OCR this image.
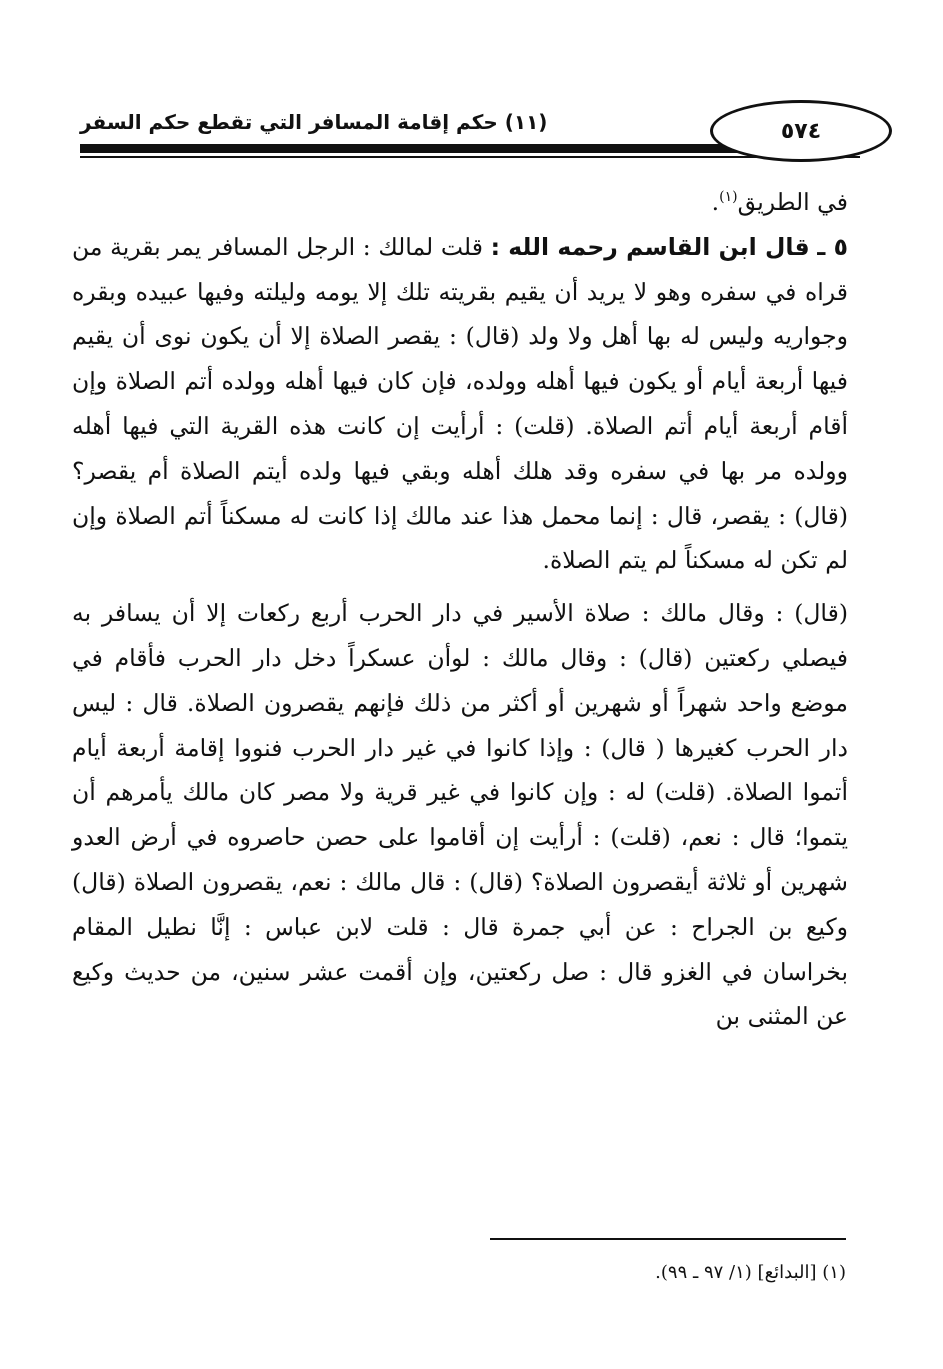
٥٧٤
(١١) حكم إقامة المسافر التي تقطع حكم السفر

في الطريق$^{(١)}$.

٥ ـ قال ابن القاسم رحمه الله : قلت لمالك : الرجل المسافر يمر بقرية من قراه في سفره وهو لا يريد أن يقيم بقريته تلك إلا يومه وليلته وفيها عبيده وبقره وجواريه وليس له بها أهل ولا ولد (قال) : يقصر الصلاة إلا أن يكون نوى أن يقيم فيها أربعة أيام أو يكون فيها أهله وولده، فإن كان فيها أهله وولده أتم الصلاة وإن أقام أربعة أيام أتم الصلاة. (قلت) : أرأيت إن كانت هذه القرية التي فيها أهله وولده مر بها في سفره وقد هلك أهله وبقي فيها ولده أيتم الصلاة أم يقصر؟ (قال) : يقصر، قال : إنما محمل هذا عند مالك إذا كانت له مسكناً أتم الصلاة وإن لم تكن له مسكناً لم يتم الصلاة.

(قال) : وقال مالك : صلاة الأسير في دار الحرب أربع ركعات إلا أن يسافر به فيصلي ركعتين (قال) : وقال مالك : لوأن عسكراً دخل دار الحرب فأقام في موضع واحد شهراً أو شهرين أو أكثر من ذلك فإنهم يقصرون الصلاة. قال : ليس دار الحرب كغيرها ( قال) : وإذا كانوا في غير دار الحرب فنووا إقامة أربعة أيام أتموا الصلاة. (قلت) له : وإن كانوا في غير قرية ولا مصر كان مالك يأمرهم أن يتموا؛ قال : نعم، (قلت) : أرأيت إن أقاموا على حصن حاصروه في أرض العدو شهرين أو ثلاثة أيقصرون الصلاة؟ (قال) : قال مالك : نعم، يقصرون الصلاة (قال) وكيع بن الجراح : عن أبي جمرة قال : قلت لابن عباس : إنَّا نطيل المقام بخراسان في الغزو قال : صل ركعتين، وإن أقمت عشر سنين، من حديث وكيع عن المثنى بن

(١) [البدائع] (١/ ٩٧ ـ ٩٩).
